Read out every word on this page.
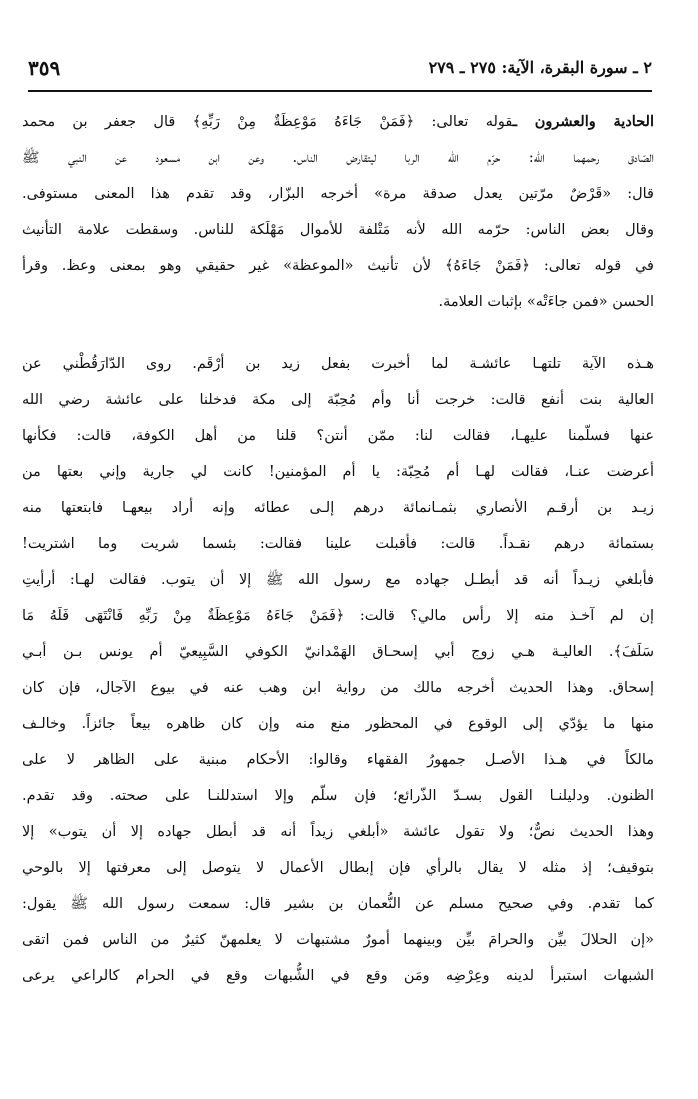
٢ ـ سورة البقرة، الآية: ٢٧٥ ـ ٢٧٩
٣٥٩
الحادية والعشرون ـقوله تعالى: ﴿فَمَنْ جَاءَهُ مَوْعِظَةٌ مِنْ رَبِّهِ﴾ قال جعفر بن محمد
الصّادق رحمهما الله: حرّم الله الربا ليتقارض الناس. وعن ابن مسعود عن النبي ﷺ
قال: «قَرْضٌ مرّتين يعدل صدقة مرة» أخرجه البزّار، وقد تقدم هذا المعنى مستوفى.
وقال بعض الناس: حرّمه الله لأنه مَتْلفة للأموال مَهْلَكة للناس. وسقطت علامة التأنيث
في قوله تعالى: ﴿فَمَنْ جَاءَهُ﴾ لأن تأنيث «الموعظة» غير حقيقي وهو بمعنى وعظ. وقرأ
الحسن «فمن جاءَتْه» بإثبات العلامة.
هـذه الآية تلتهـا عائشـة لما أخبرت بفعل زيد بن أرْقَم. روى الدّارَقُطْني عن
العالية بنت أنفع قالت: خرجت أنا وأم مُحِبّة إلى مكة فدخلنا على عائشة رضي الله
عنها فسلّمنا عليهـا، فقالت لنا: ممّن أنتن؟ قلنا من أهل الكوفة، قالت: فكأنها
أعرضت عنـا، فقالت لهـا أم مُحِبّة: يا أم المؤمنين! كانت لي جارية وإني بعتها من
زيـد بن أرقـم الأنصاري بثمـانمائة درهم إلـى عطائه وإنه أراد بيعهـا فابتعتها منه
بستمائة درهم نقـداً. قالت: فأقبلت علينا فقالت: بئسما شريت وما اشتريت!
فأبلغي زيـداً أنه قد أبطـل جهاده مع رسول الله ﷺ إلا أن يتوب. فقالت لهـا: أرأيتِ
إن لم آخـذ منه إلا رأس مالي؟ قالت: ﴿فَمَنْ جَاءَهُ مَوْعِظَةٌ مِنْ رَبِّهِ فَانْتَهَى فَلَهُ مَا
سَلَفَ﴾. العاليـة هـي زوج أبي إسحـاق الهَمْدانيّ الكوفي السَّبِيعيّ أم يونس بـن أبـي
إسحاق. وهذا الحديث أخرجه مالك من رواية ابن وهب عنه في بيوع الآجال، فإن كان
منها ما يؤدّي إلى الوقوع في المحظور منع منه وإن كان ظاهره بيعاً جائزاً. وخالـف
مالكاً في هـذا الأصـل جمهورُ الفقهاء وقالوا: الأحكام مبنية على الظاهر لا على
الظنون. ودليلنـا القول بسـدّ الذّرائع؛ فإن سلّم وإلا استدللنـا على صحته. وقد تقدم.
وهذا الحديث نصٌّ؛ ولا تقول عائشة «أبلغي زيداً أنه قد أبطل جهاده إلا أن يتوب» إلا
بتوقيف؛ إذ مثله لا يقال بالرأي فإن إبطال الأعمال لا يتوصل إلى معرفتها إلا بالوحي
كما تقدم. وفي صحيح مسلم عن النُّعمان بن بشير قال: سمعت رسول الله ﷺ يقول:
«إن الحلالَ بيِّن والحرامَ بيِّن وبينهما أمورٌ مشتبهات لا يعلمهنّ كثيرٌ من الناس فمن اتقى
الشبهات استبرأ لدينه وعِرْضِه ومَن وقع في الشُّبهات وقع في الحرام كالراعي يرعى
